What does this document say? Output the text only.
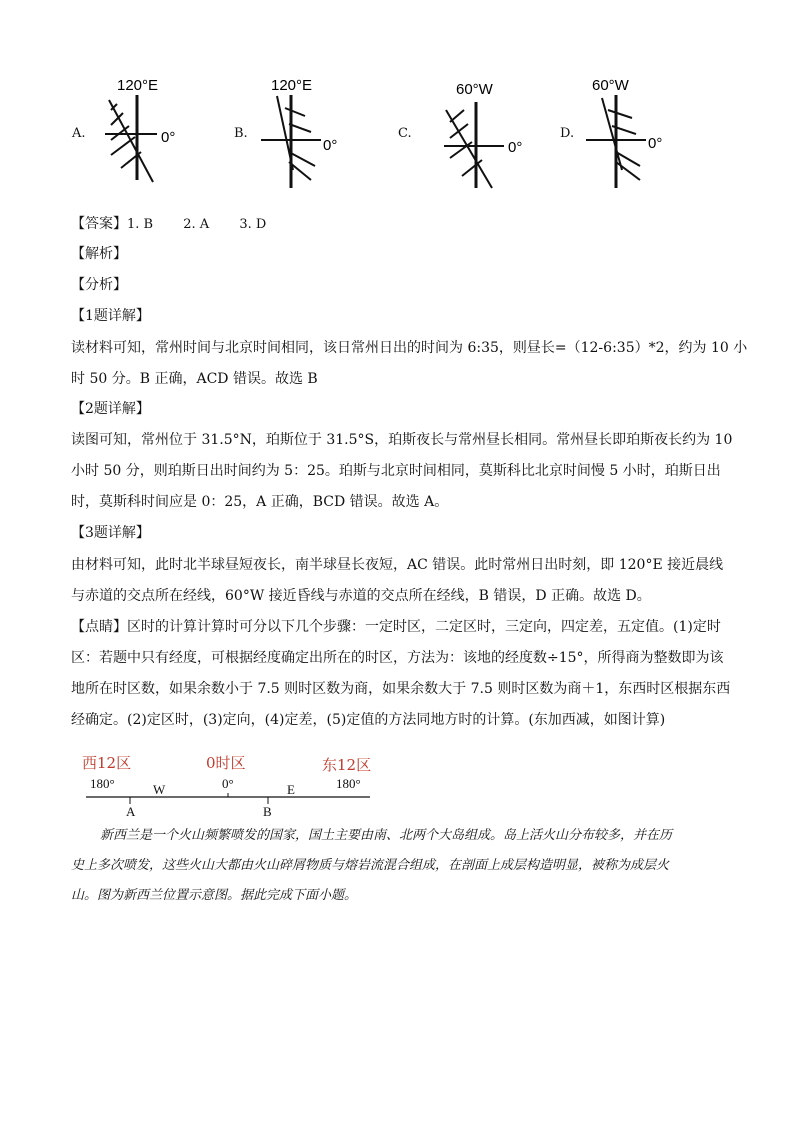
A.
120°E
0°	B.
120°E
0°
C.
60°W
0°
D.
60°W
0°
【答案】1. B 2. A 3. D
【解析】
【分析】
【1题详解】
读材料可知，常州时间与北京时间相同，该日常州日出的时间为 6:35，则昼长=（12-6:35）*2，约为 10 小
时 50 分。B 正确，ACD 错误。故选 B
【2题详解】
读图可知，常州位于 31.5°N，珀斯位于 31.5°S，珀斯夜长与常州昼长相同。常州昼长即珀斯夜长约为 10
小时 50 分，则珀斯日出时间约为 5：25。珀斯与北京时间相同，莫斯科比北京时间慢 5 小时，珀斯日出
时，莫斯科时间应是 0：25，A 正确，BCD 错误。故选 A。
【3题详解】
由材料可知，此时北半球昼短夜长，南半球昼长夜短，AC 错误。此时常州日出时刻，即 120°E 接近晨线
与赤道的交点所在经线，60°W 接近昏线与赤道的交点所在经线，B 错误，D 正确。故选 D。
【点睛】区时的计算计算时可分以下几个步骤：一定时区，二定区时，三定向，四定差，五定值。(1)定时
区：若题中只有经度，可根据经度确定出所在的时区，方法为：该地的经度数÷15°，所得商为整数即为该
地所在时区数，如果余数小于 7.5 则时区数为商，如果余数大于 7.5 则时区数为商＋1，东西时区根据东西
经确定。(2)定区时，(3)定向，(4)定差，(5)定值的方法同地方时的计算。(东加西减，如图计算)
西12区	0时区	东12区
180°	0°	180°
W	E
A	B
新西兰是一个火山频繁喷发的国家，国土主要由南、北两个大岛组成。岛上活火山分布较多，并在历
史上多次喷发，这些火山大都由火山碎屑物质与熔岩流混合组成，在剖面上成层构造明显，被称为成层火
山。图为新西兰位置示意图。据此完成下面小题。
